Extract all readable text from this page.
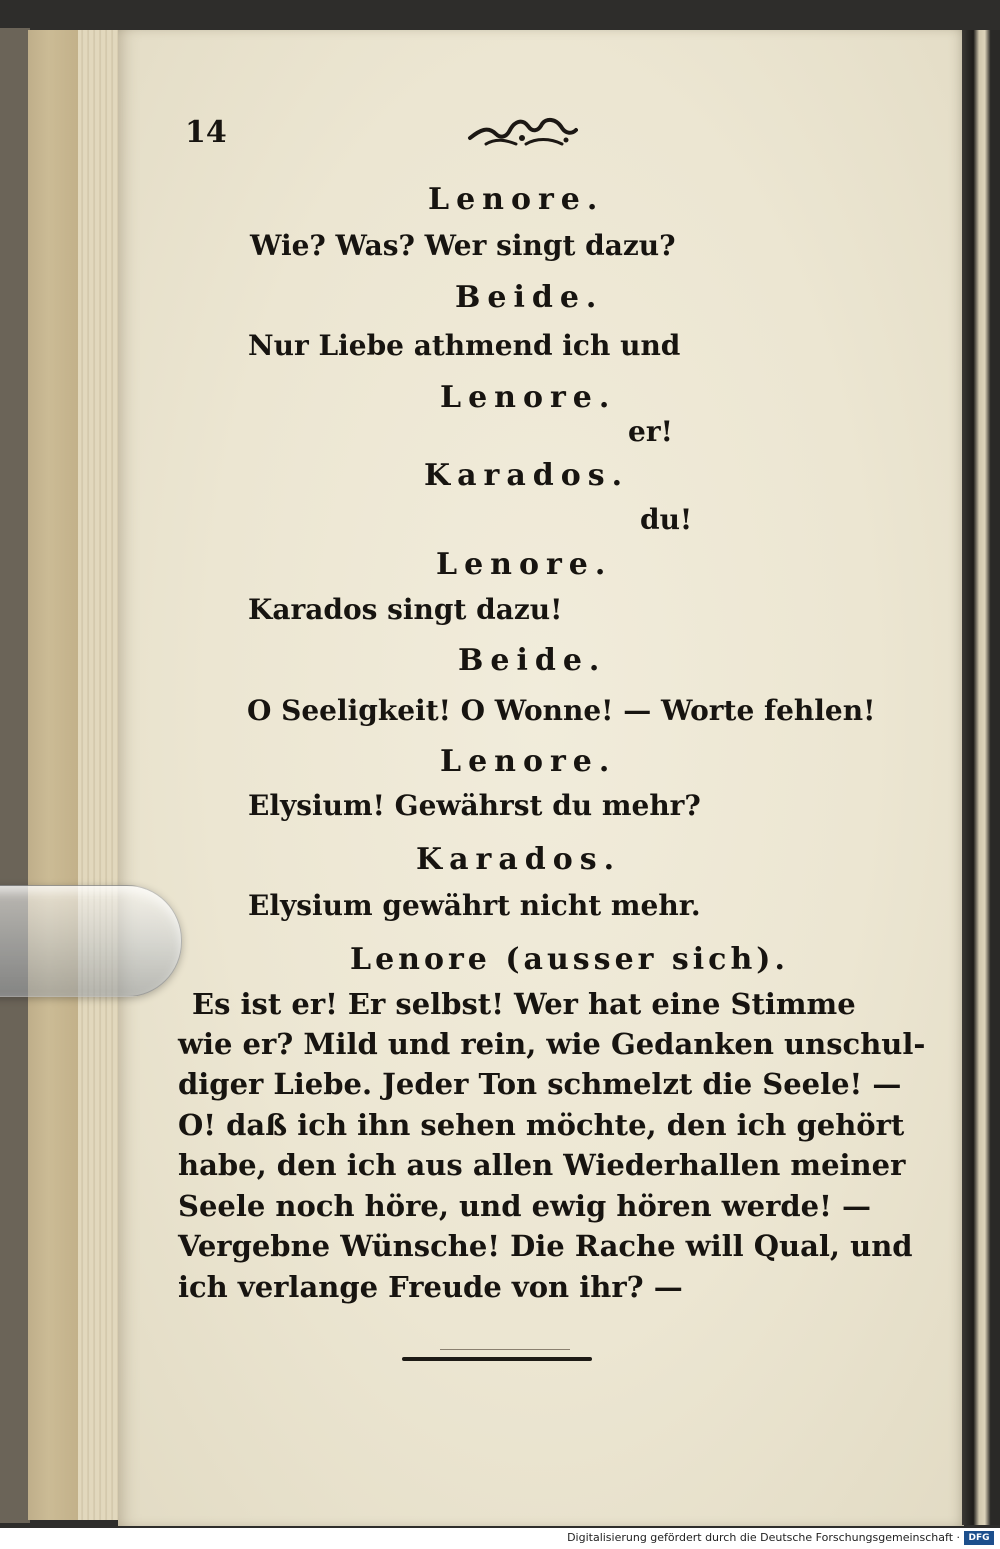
14
Lenore.
Wie? Was? Wer singt dazu?
Beide.
Nur Liebe athmend ich und
Lenore.
er!
Karados.
du!
Lenore.
Karados singt dazu!
Beide.
O Seeligkeit! O Wonne! — Worte fehlen!
Lenore.
Elysium! Gewährst du mehr?
Karados.
Elysium gewährt nicht mehr.
Lenore (ausser sich).
Es ist er! Er selbst! Wer hat eine Stimme
wie er? Mild und rein, wie Gedanken unschul-
diger Liebe. Jeder Ton schmelzt die Seele! —
O! daß ich ihn sehen möchte, den ich gehört
habe, den ich aus allen Wiederhallen meiner
Seele noch höre, und ewig hören werde! —
Vergebne Wünsche! Die Rache will Qual, und
ich verlange Freude von ihr? —
Digitalisierung gefördert durch die Deutsche Forschungsgemeinschaft · DFG
